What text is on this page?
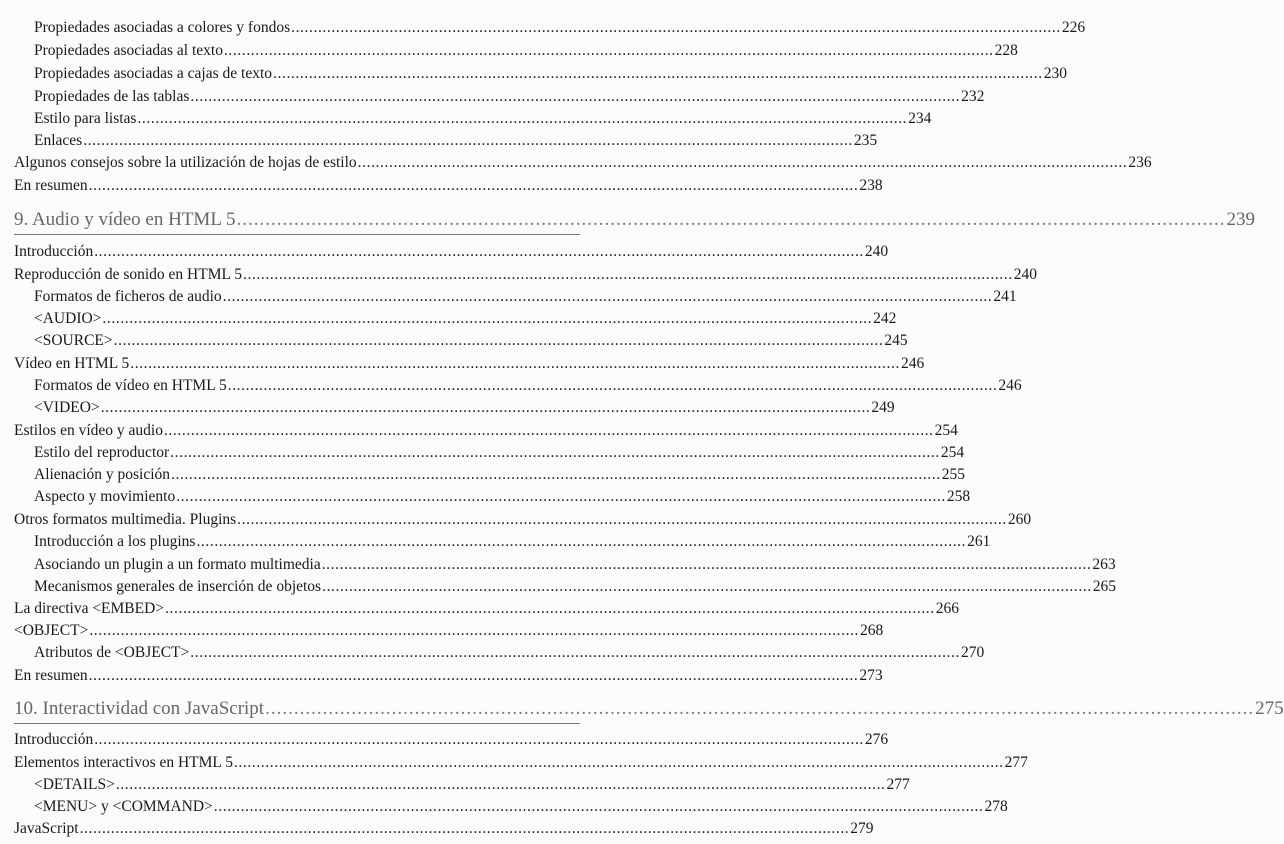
Propiedades asociadas a colores y fondos ............................................................................................................................................................................ 226
Propiedades asociadas al texto ............................................................................................................................................................................ 228
Propiedades asociadas a cajas de texto ............................................................................................................................................................................ 230
Propiedades de las tablas ............................................................................................................................................................................ 232
Estilo para listas ............................................................................................................................................................................ 234
Enlaces ............................................................................................................................................................................ 235
Algunos consejos sobre la utilización de hojas de estilo ............................................................................................................................................................................ 236
En resumen ............................................................................................................................................................................ 238
9. Audio y vídeo en HTML 5 ............................................................................................................................................................................ 239
Introducción ............................................................................................................................................................................ 240
Reproducción de sonido en HTML 5 ............................................................................................................................................................................ 240
Formatos de ficheros de audio ............................................................................................................................................................................ 241
<AUDIO> ............................................................................................................................................................................ 242
<SOURCE> ............................................................................................................................................................................ 245
Vídeo en HTML 5 ............................................................................................................................................................................ 246
Formatos de vídeo en HTML 5 ............................................................................................................................................................................ 246
<VIDEO> ............................................................................................................................................................................ 249
Estilos en vídeo y audio ............................................................................................................................................................................ 254
Estilo del reproductor ............................................................................................................................................................................ 254
Alienación y posición ............................................................................................................................................................................ 255
Aspecto y movimiento ............................................................................................................................................................................ 258
Otros formatos multimedia. Plugins ............................................................................................................................................................................ 260
Introducción a los plugins ............................................................................................................................................................................ 261
Asociando un plugin a un formato multimedia ............................................................................................................................................................................ 263
Mecanismos generales de inserción de objetos ............................................................................................................................................................................ 265
La directiva <EMBED> ............................................................................................................................................................................ 266
<OBJECT> ............................................................................................................................................................................ 268
Atributos de <OBJECT> ............................................................................................................................................................................ 270
En resumen ............................................................................................................................................................................ 273
10. Interactividad con JavaScript ............................................................................................................................................................................ 275
Introducción ............................................................................................................................................................................ 276
Elementos interactivos en HTML 5 ............................................................................................................................................................................ 277
<DETAILS> ............................................................................................................................................................................ 277
<MENU> y <COMMAND> ............................................................................................................................................................................ 278
JavaScript ............................................................................................................................................................................ 279
